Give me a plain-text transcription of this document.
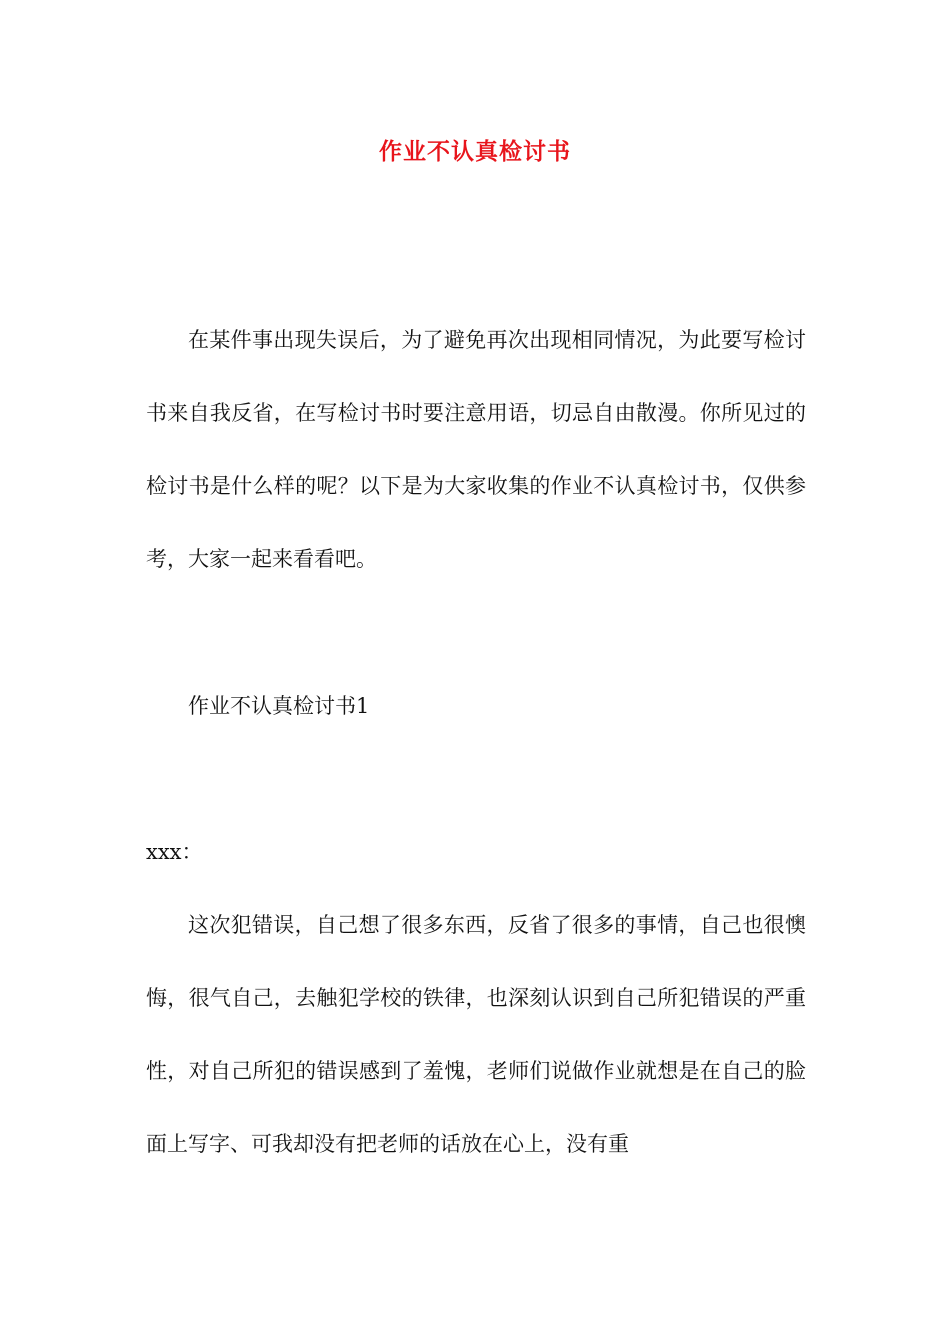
作业不认真检讨书

在某件事出现失误后，为了避免再次出现相同情况，为此要写检讨书来自我反省，在写检讨书时要注意用语，切忌自由散漫。你所见过的检讨书是什么样的呢？以下是为大家收集的作业不认真检讨书，仅供参考，大家一起来看看吧。

作业不认真检讨书1

xxx：

这次犯错误，自己想了很多东西，反省了很多的事情，自己也很懊悔，很气自己，去触犯学校的铁律，也深刻认识到自己所犯错误的严重性，对自己所犯的错误感到了羞愧，老师们说做作业就想是在自己的脸面上写字、可我却没有把老师的话放在心上，没有重
